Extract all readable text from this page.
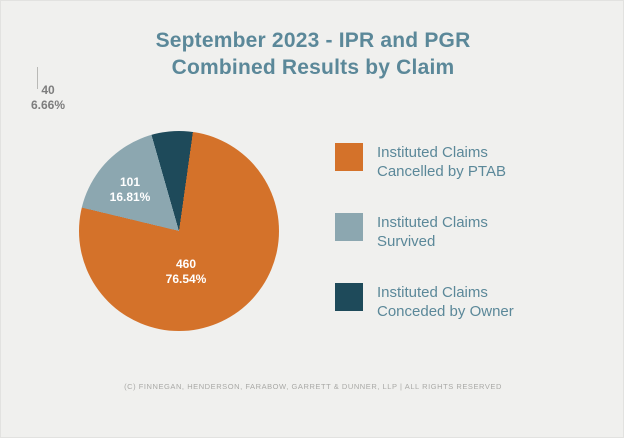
September 2023 - IPR and PGR
Combined Results by Claim
460
76.54%
101
16.81%
40
6.66%
Instituted Claims
Cancelled by PTAB
Instituted Claims
Survived
Instituted Claims
Conceded by Owner
(C) FINNEGAN, HENDERSON, FARABOW, GARRETT & DUNNER, LLP | ALL RIGHTS RESERVED
